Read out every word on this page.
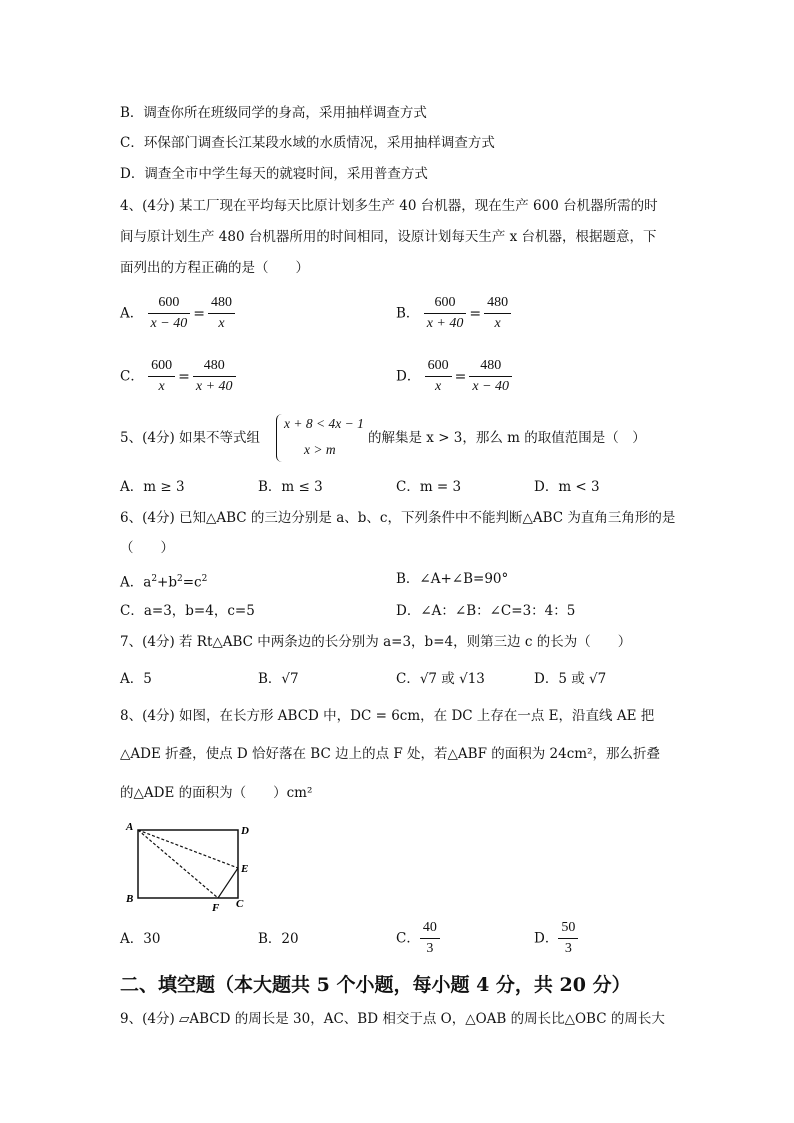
B．调查你所在班级同学的身高，采用抽样调查方式
C．环保部门调查长江某段水域的水质情况，采用抽样调查方式
D．调查全市中学生每天的就寝时间，采用普查方式
4、(4分) 某工厂现在平均每天比原计划多生产 40 台机器，现在生产 600 台机器所需的时
间与原计划生产 480 台机器所用的时间相同，设原计划每天生产 x 台机器，根据题意，下
面列出的方程正确的是（　　）
A． $\frac{600}{x - 40} = \frac{480}{x}$	B． $\frac{600}{x + 40} = \frac{480}{x}$
C． $\frac{600}{x} = \frac{480}{x + 40}$	D． $\frac{600}{x} = \frac{480}{x - 40}$
5、(4分) 如果不等式组
x + 8 < 4x − 1
x > m
的解集是 x > 3，那么 m 的取值范围是（　）
A．m ≥ 3	B．m ≤ 3	C．m = 3	D．m < 3
6、(4分) 已知△ABC 的三边分别是 a、b、c，下列条件中不能判断△ABC 为直角三角形的是
（　　）
A．$a^2+b^2=c^2$	B．∠A+∠B=90°
C．a=3，b=4，c=5	D．∠A：∠B：∠C=3：4：5
7、(4分) 若 Rt△ABC 中两条边的长分别为 a=3，b=4，则第三边 c 的长为（　　）
A．5	B．√7	C．√7 或 √13	D．5 或 √7
8、(4分) 如图，在长方形 ABCD 中，DC = 6cm，在 DC 上存在一点 E，沿直线 AE 把
△ADE 折叠，使点 D 恰好落在 BC 边上的点 F 处，若△ABF 的面积为 24cm²，那么折叠
的△ADE 的面积为（　　）cm²
A	D
E
B
F C
A．30	B．20	C． $\frac{40}{3}$	D． $\frac{50}{3}$
二、填空题（本大题共 5 个小题，每小题 4 分，共 20 分）
9、(4分) ▱ABCD 的周长是 30，AC、BD 相交于点 O，△OAB 的周长比△OBC 的周长大
